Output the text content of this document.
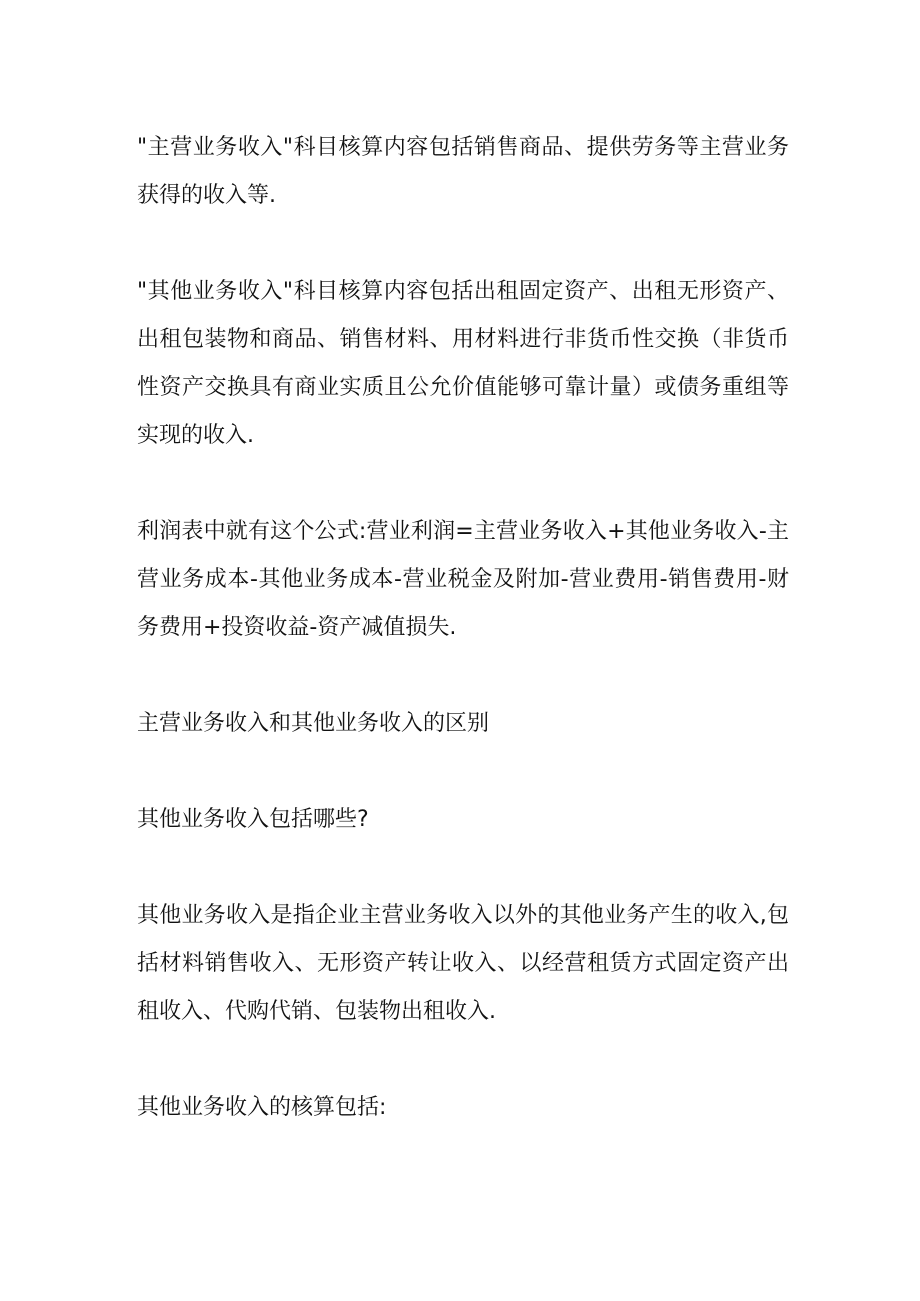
"主营业务收入"科目核算内容包括销售商品、提供劳务等主营业务获得的收入等.

"其他业务收入"科目核算内容包括出租固定资产、出租无形资产、出租包装物和商品、销售材料、用材料进行非货币性交换（非货币性资产交换具有商业实质且公允价值能够可靠计量）或债务重组等实现的收入.

利润表中就有这个公式:营业利润=主营业务收入+其他业务收入-主营业务成本-其他业务成本-营业税金及附加-营业费用-销售费用-财务费用+投资收益-资产减值损失.

主营业务收入和其他业务收入的区别

其他业务收入包括哪些?

其他业务收入是指企业主营业务收入以外的其他业务产生的收入,包括材料销售收入、无形资产转让收入、以经营租赁方式固定资产出租收入、代购代销、包装物出租收入.

其他业务收入的核算包括:
